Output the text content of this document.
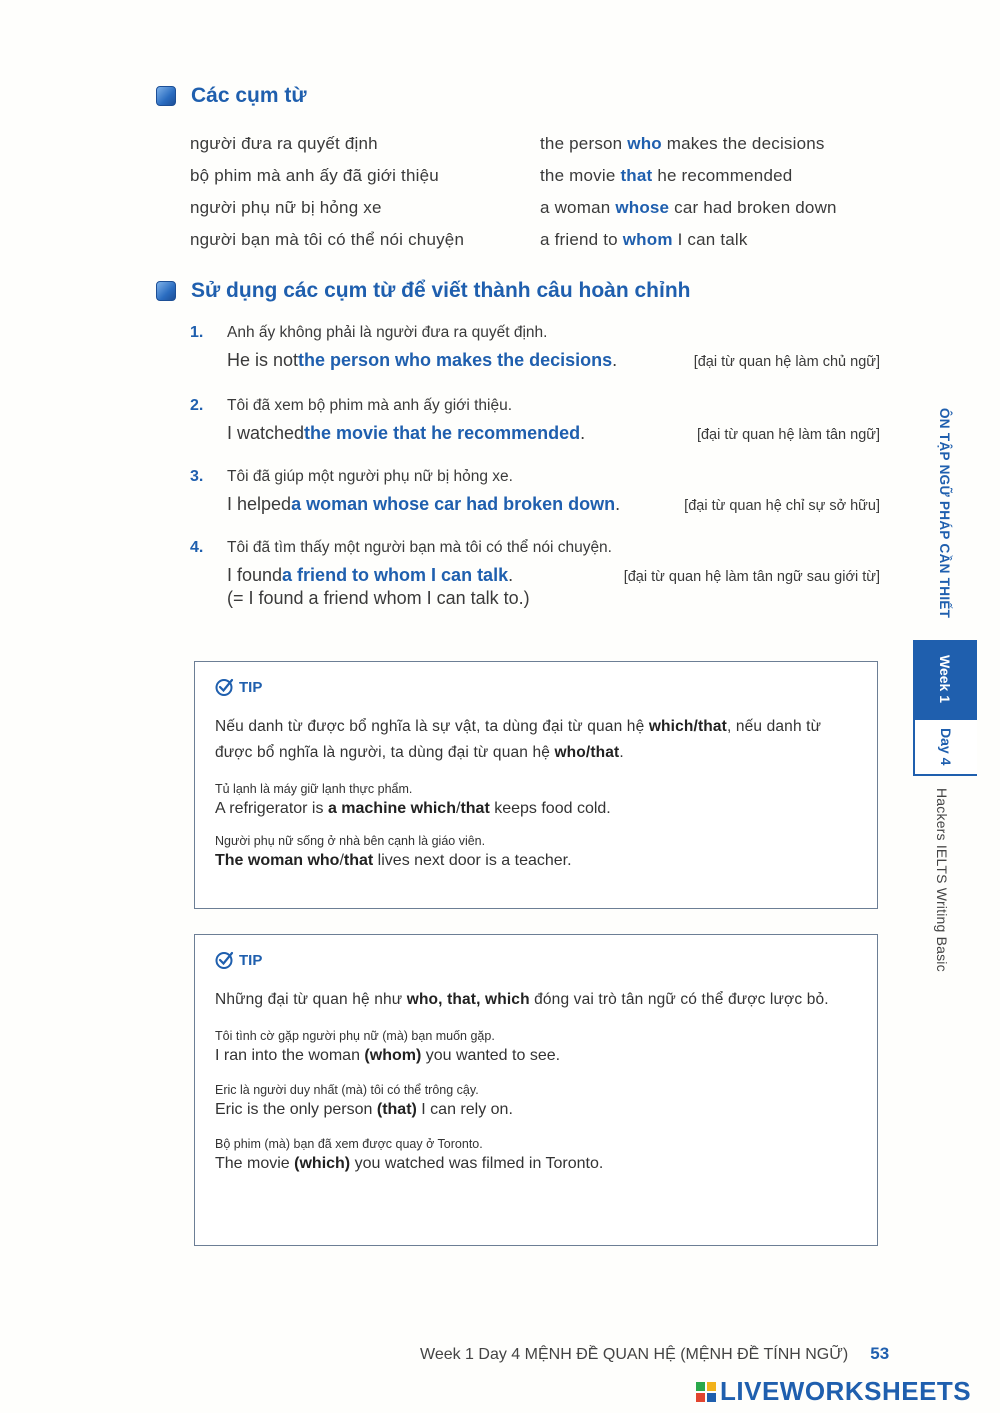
Các cụm từ
người đưa ra quyết định	the person who makes the decisions
bộ phim mà anh ấy đã giới thiệu	the movie that he recommended
người phụ nữ bị hỏng xe	a woman whose car had broken down
người bạn mà tôi có thể nói chuyện	a friend to whom I can talk
Sử dụng các cụm từ để viết thành câu hoàn chỉnh
1.	Anh ấy không phải là người đưa ra quyết định.
He is not the person who makes the decisions .	[đại từ quan hệ làm chủ ngữ]
2.	Tôi đã xem bộ phim mà anh ấy giới thiệu.
I watched the movie that he recommended .	[đại từ quan hệ làm tân ngữ]
3.	Tôi đã giúp một người phụ nữ bị hỏng xe.
I helped a woman whose car had broken down .	[đại từ quan hệ chỉ sự sở hữu]
4.	Tôi đã tìm thấy một người bạn mà tôi có thể nói chuyện.
I found a friend to whom I can talk .	[đại từ quan hệ làm tân ngữ sau giới từ]
(= I found a friend whom I can talk to.)
TIP
Nếu danh từ được bổ nghĩa là sự vật, ta dùng đại từ quan hệ which/that, nếu danh từ được bổ nghĩa là người, ta dùng đại từ quan hệ who/that.
Tủ lạnh là máy giữ lạnh thực phẩm.
A refrigerator is a machine which/that keeps food cold.
Người phụ nữ sống ở nhà bên cạnh là giáo viên.
The woman who/that lives next door is a teacher.
TIP
Những đại từ quan hệ như who, that, which đóng vai trò tân ngữ có thể được lược bỏ.
Tôi tình cờ gặp người phụ nữ (mà) bạn muốn gặp.
I ran into the woman (whom) you wanted to see.
Eric là người duy nhất (mà) tôi có thể trông cậy.
Eric is the only person (that) I can rely on.
Bộ phim (mà) bạn đã xem được quay ở Toronto.
The movie (which) you watched was filmed in Toronto.
ÔN TẬP NGỮ PHÁP CẦN THIẾT
Week 1
Day 4
Hackers IELTS Writing Basic
Week 1 Day 4 MỆNH ĐỀ QUAN HỆ (MỆNH ĐỀ TÍNH NGỮ) 53
LIVEWORKSHEETS
